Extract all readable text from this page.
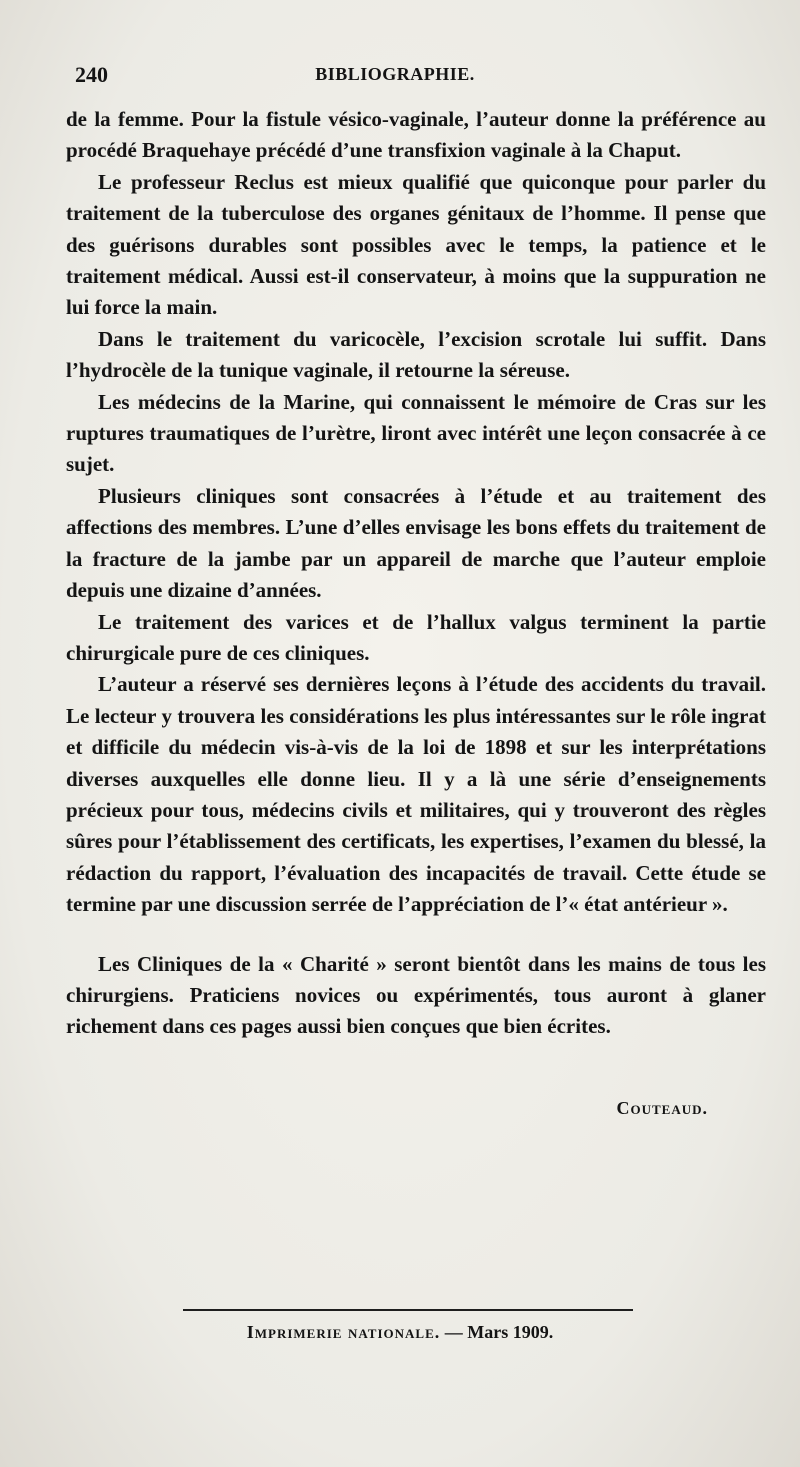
240	BIBLIOGRAPHIE.

de la femme. Pour la fistule vésico-vaginale, l’auteur donne la préférence au procédé Braquehaye précédé d’une transfixion vaginale à la Chaput.

Le professeur Reclus est mieux qualifié que quiconque pour parler du traitement de la tuberculose des organes génitaux de l’homme. Il pense que des guérisons durables sont possibles avec le temps, la patience et le traitement médical. Aussi est-il conservateur, à moins que la suppuration ne lui force la main.

Dans le traitement du varicocèle, l’excision scrotale lui suffit. Dans l’hydrocèle de la tunique vaginale, il retourne la séreuse.

Les médecins de la Marine, qui connaissent le mémoire de Cras sur les ruptures traumatiques de l’urètre, liront avec intérêt une leçon consacrée à ce sujet.

Plusieurs cliniques sont consacrées à l’étude et au traitement des affections des membres. L’une d’elles envisage les bons effets du traitement de la fracture de la jambe par un appareil de marche que l’auteur emploie depuis une dizaine d’années.

Le traitement des varices et de l’hallux valgus terminent la partie chirurgicale pure de ces cliniques.

L’auteur a réservé ses dernières leçons à l’étude des accidents du travail. Le lecteur y trouvera les considérations les plus intéressantes sur le rôle ingrat et difficile du médecin vis-à-vis de la loi de 1898 et sur les interprétations diverses auxquelles elle donne lieu. Il y a là une série d’enseignements précieux pour tous, médecins civils et militaires, qui y trouveront des règles sûres pour l’établissement des certificats, les expertises, l’examen du blessé, la rédaction du rapport, l’évaluation des incapacités de travail. Cette étude se termine par une discussion serrée de l’appréciation de l’« état antérieur ».

Les Cliniques de la « Charité » seront bientôt dans les mains de tous les chirurgiens. Praticiens novices ou expérimentés, tous auront à glaner richement dans ces pages aussi bien conçues que bien écrites.

Couteaud.
Imprimerie nationale. — Mars 1909.
